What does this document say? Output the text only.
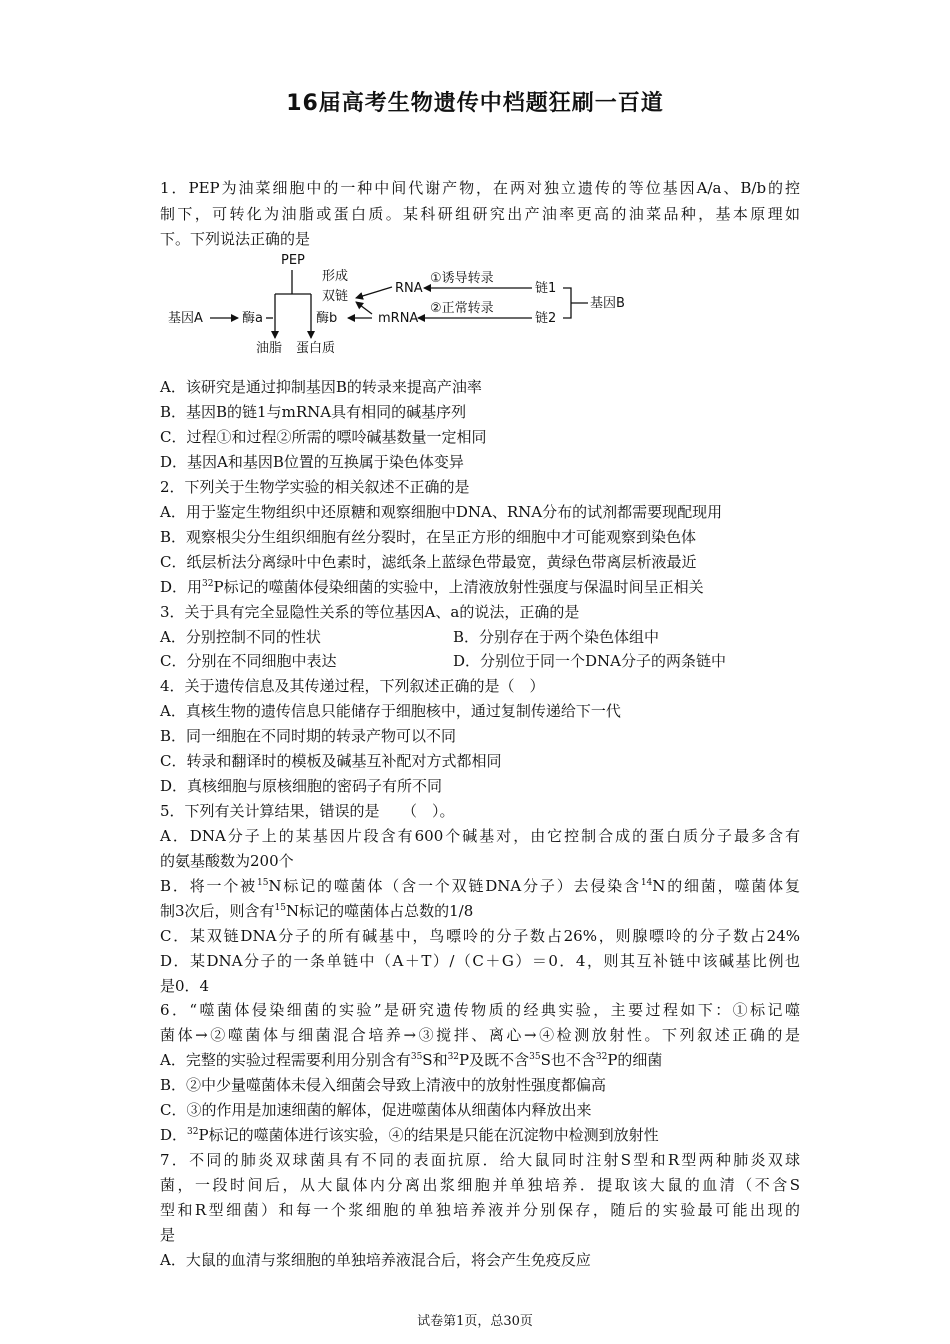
16届高考生物遗传中档题狂刷一百道
1．PEP为油菜细胞中的一种中间代谢产物，在两对独立遗传的等位基因A/a、B/b的控
制下，可转化为油脂或蛋白质。某科研组研究出产油率更高的油菜品种，基本原理如
下。下列说法正确的是
PEP
基因A	酶a	酶b
油脂 蛋白质
形成
双链
RNA
mRNA
①诱导转录
②正常转录
链1
链2
基因B
A．该研究是通过抑制基因B的转录来提高产油率
B．基因B的链1与mRNA具有相同的碱基序列
C．过程①和过程②所需的嘌呤碱基数量一定相同
D．基因A和基因B位置的互换属于染色体变异
2．下列关于生物学实验的相关叙述不正确的是
A．用于鉴定生物组织中还原糖和观察细胞中DNA、RNA分布的试剂都需要现配现用
B．观察根尖分生组织细胞有丝分裂时，在呈正方形的细胞中才可能观察到染色体
C．纸层析法分离绿叶中色素时，滤纸条上蓝绿色带最宽，黄绿色带离层析液最近
D．用$^{32}$P标记的噬菌体侵染细菌的实验中，上清液放射性强度与保温时间呈正相关
3．关于具有完全显隐性关系的等位基因A、a的说法，正确的是
A．分别控制不同的性状	B．分别存在于两个染色体组中
C．分别在不同细胞中表达	D．分别位于同一个DNA分子的两条链中
4．关于遗传信息及其传递过程，下列叙述正确的是（　）
A．真核生物的遗传信息只能储存于细胞核中，通过复制传递给下一代
B．同一细胞在不同时期的转录产物可以不同
C．转录和翻译时的模板及碱基互补配对方式都相同
D．真核细胞与原核细胞的密码子有所不同
5．下列有关计算结果，错误的是　　（　）。
A．DNA分子上的某基因片段含有600个碱基对，由它控制合成的蛋白质分子最多含有
的氨基酸数为200个
B．将一个被$^{15}$N标记的噬菌体（含一个双链DNA分子）去侵染含$^{14}$N的细菌，噬菌体复
制3次后，则含有$^{15}$N标记的噬菌体占总数的1/8
C．某双链DNA分子的所有碱基中，鸟嘌呤的分子数占26%，则腺嘌呤的分子数占24%
D．某DNA分子的一条单链中（A＋T）/（C＋G）＝0．4，则其互补链中该碱基比例也
是0．4
6．“噬菌体侵染细菌的实验”是研究遗传物质的经典实验，主要过程如下：①标记噬
菌体→②噬菌体与细菌混合培养→③搅拌、离心→④检测放射性。下列叙述正确的是
A．完整的实验过程需要利用分别含有$^{35}$S和$^{32}$P及既不含$^{35}$S也不含$^{32}$P的细菌
B．②中少量噬菌体未侵入细菌会导致上清液中的放射性强度都偏高
C．③的作用是加速细菌的解体，促进噬菌体从细菌体内释放出来
D．$^{32}$P标记的噬菌体进行该实验，④的结果是只能在沉淀物中检测到放射性
7．不同的肺炎双球菌具有不同的表面抗原．给大鼠同时注射S型和R型两种肺炎双球
菌，一段时间后，从大鼠体内分离出浆细胞并单独培养．提取该大鼠的血清（不含S
型和R型细菌）和每一个浆细胞的单独培养液并分别保存，随后的实验最可能出现的
是
A．大鼠的血清与浆细胞的单独培养液混合后，将会产生免疫反应
试卷第1页，总30页
